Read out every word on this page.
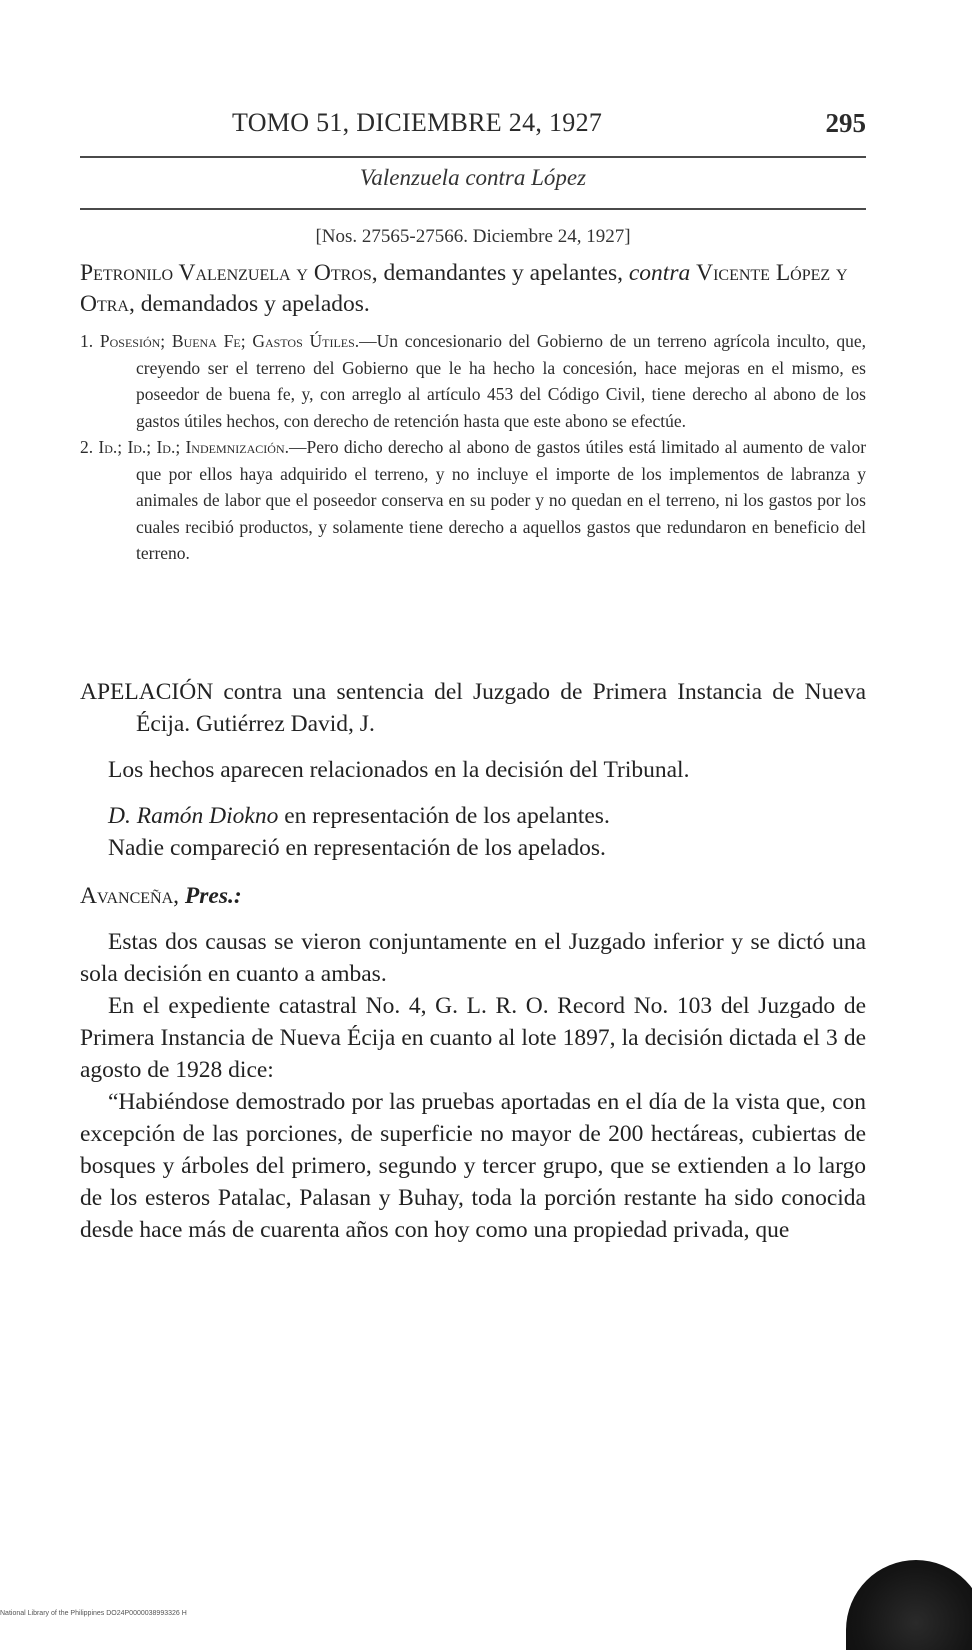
TOMO 51, DICIEMBRE 24, 1927	295
Valenzuela contra López
[Nos. 27565-27566. Diciembre 24, 1927]
Petronilo Valenzuela y Otros, demandantes y apelantes, contra Vicente López y Otra, demandados y apelados.

1. Posesión; Buena Fe; Gastos Útiles.—Un concesionario del Gobierno de un terreno agrícola inculto, que, creyendo ser el terreno del Gobierno que le ha hecho la concesión, hace mejoras en el mismo, es poseedor de buena fe, y, con arreglo al artículo 453 del Código Civil, tiene derecho al abono de los gastos útiles hechos, con derecho de retención hasta que este abono se efectúe.

2. Id.; Id.; Id.; Indemnización.—Pero dicho derecho al abono de gastos útiles está limitado al aumento de valor que por ellos haya adquirido el terreno, y no incluye el importe de los implementos de labranza y animales de labor que el poseedor conserva en su poder y no quedan en el terreno, ni los gastos por los cuales recibió productos, y solamente tiene derecho a aquellos gastos que redundaron en beneficio del terreno.

APELACIÓN contra una sentencia del Juzgado de Primera Instancia de Nueva Écija. Gutiérrez David, J.

Los hechos aparecen relacionados en la decisión del Tribunal.

D. Ramón Diokno en representación de los apelantes.

Nadie compareció en representación de los apelados.

Avanceña, Pres.:

Estas dos causas se vieron conjuntamente en el Juzgado inferior y se dictó una sola decisión en cuanto a ambas.

En el expediente catastral No. 4, G. L. R. O. Record No. 103 del Juzgado de Primera Instancia de Nueva Écija en cuanto al lote 1897, la decisión dictada el 3 de agosto de 1928 dice:

“Habiéndose demostrado por las pruebas aportadas en el día de la vista que, con excepción de las porciones, de superficie no mayor de 200 hectáreas, cubiertas de bosques y árboles del primero, segundo y tercer grupo, que se extienden a lo largo de los esteros Patalac, Palasan y Buhay, toda la porción restante ha sido conocida desde hace más de cuarenta años con hoy como una propiedad privada, que

National Library of the Philippines DO24P0000038993326 H
